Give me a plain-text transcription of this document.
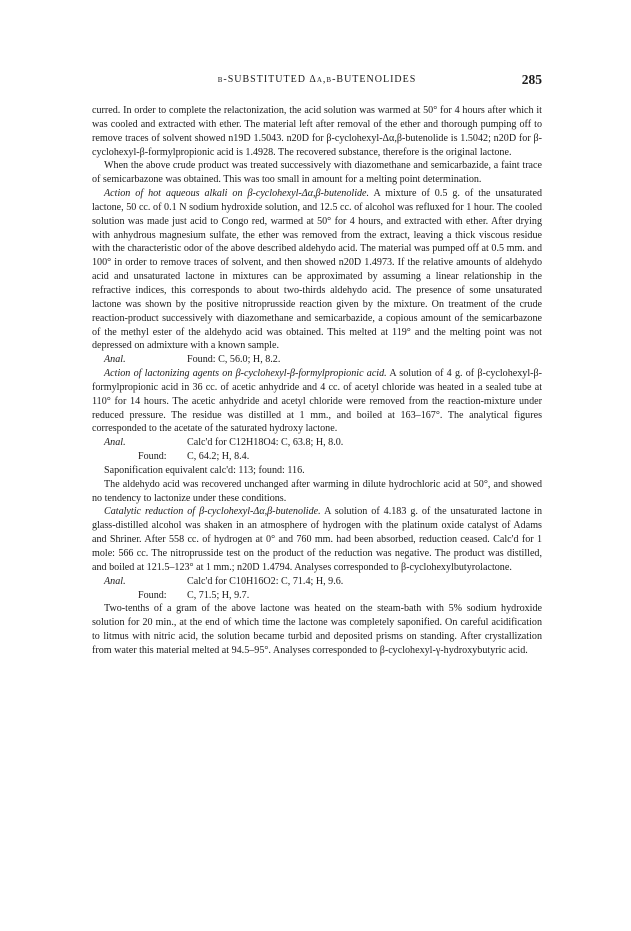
β-SUBSTITUTED Δα,β-BUTENOLIDES	285

curred. In order to complete the relactonization, the acid solution was warmed at 50° for 4 hours after which it was cooled and extracted with ether. The material left after removal of the ether and thorough pumping off to remove traces of solvent showed n19D 1.5043. n20D for β-cyclohexyl-Δα,β-butenolide is 1.5042; n20D for β-cyclohexyl-β-formylpropionic acid is 1.4928. The recovered substance, therefore is the original lactone.

When the above crude product was treated successively with diazomethane and semicarbazide, a faint trace of semicarbazone was obtained. This was too small in amount for a melting point determination.

Action of hot aqueous alkali on β-cyclohexyl-Δα,β-butenolide. A mixture of 0.5 g. of the unsaturated lactone, 50 cc. of 0.1 N sodium hydroxide solution, and 12.5 cc. of alcohol was refluxed for 1 hour. The cooled solution was made just acid to Congo red, warmed at 50° for 4 hours, and extracted with ether. After drying with anhydrous magnesium sulfate, the ether was removed from the extract, leaving a thick viscous residue with the characteristic odor of the above described aldehydo acid. The material was pumped off at 0.5 mm. and 100° in order to remove traces of solvent, and then showed n20D 1.4973. If the relative amounts of aldehydo acid and unsaturated lactone in mixtures can be approximated by assuming a linear relationship in the refractive indices, this corresponds to about two-thirds aldehydo acid. The presence of some unsaturated lactone was shown by the positive nitroprusside reaction given by the mixture. On treatment of the crude reaction-product successively with diazomethane and semicarbazide, a copious amount of the semicarbazone of the methyl ester of the aldehydo acid was obtained. This melted at 119° and the melting point was not depressed on admixture with a known sample.

Anal.	Found: C, 56.0; H, 8.2.

Action of lactonizing agents on β-cyclohexyl-β-formylpropionic acid. A solution of 4 g. of β-cyclohexyl-β-formylpropionic acid in 36 cc. of acetic anhydride and 4 cc. of acetyl chloride was heated in a sealed tube at 110° for 14 hours. The acetic anhydride and acetyl chloride were removed from the reaction-mixture under reduced pressure. The residue was distilled at 1 mm., and boiled at 163–167°. The analytical figures corresponded to the acetate of the saturated hydroxy lactone.

Anal.	Calc'd for C12H18O4: C, 63.8; H, 8.0.
Found:	C, 64.2; H, 8.4.

Saponification equivalent calc'd: 113; found: 116.

The aldehydo acid was recovered unchanged after warming in dilute hydrochloric acid at 50°, and showed no tendency to lactonize under these conditions.

Catalytic reduction of β-cyclohexyl-Δα,β-butenolide. A solution of 4.183 g. of the unsaturated lactone in glass-distilled alcohol was shaken in an atmosphere of hydrogen with the platinum oxide catalyst of Adams and Shriner. After 558 cc. of hydrogen at 0° and 760 mm. had been absorbed, reduction ceased. Calc'd for 1 mole: 566 cc. The nitroprusside test on the product of the reduction was negative. The product was distilled, and boiled at 121.5–123° at 1 mm.; n20D 1.4794. Analyses corresponded to β-cyclohexylbutyrolactone.

Anal.	Calc'd for C10H16O2: C, 71.4; H, 9.6.
Found:	C, 71.5; H, 9.7.

Two-tenths of a gram of the above lactone was heated on the steam-bath with 5% sodium hydroxide solution for 20 min., at the end of which time the lactone was completely saponified. On careful acidification to litmus with nitric acid, the solution became turbid and deposited prisms on standing. After crystallization from water this material melted at 94.5–95°. Analyses corresponded to β-cyclohexyl-γ-hydroxybutyric acid.
